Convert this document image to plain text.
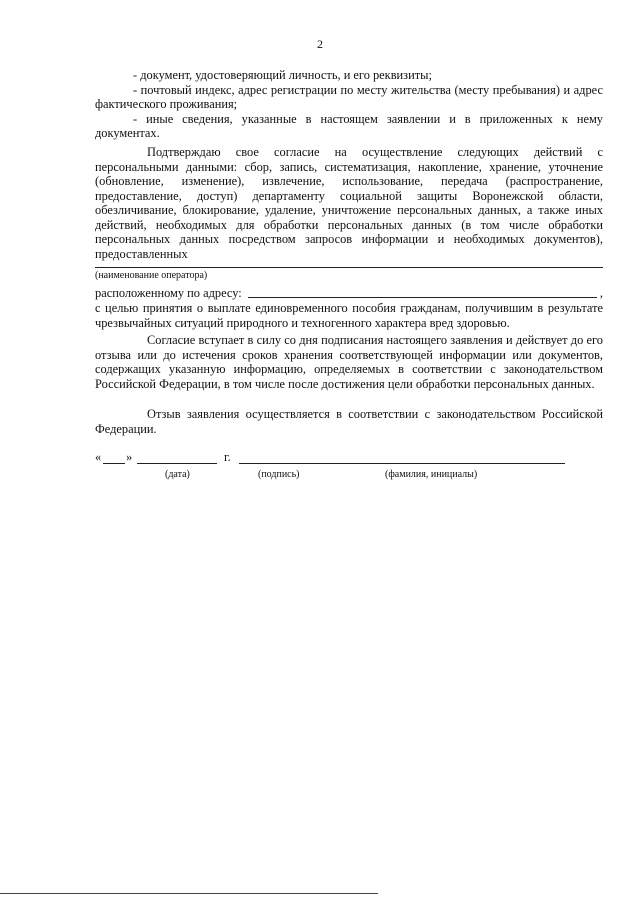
2

- документ, удостоверяющий личность, и его реквизиты;

- почтовый индекс, адрес регистрации по месту жительства (месту пребывания) и адрес фактического проживания;

- иные сведения, указанные в настоящем заявлении и в приложенных к нему документах.

Подтверждаю свое согласие на осуществление следующих действий с персональными данными: сбор, запись, систематизация, накопление, хранение, уточнение (обновление, изменение), извлечение, использование, передача (распространение, предоставление, доступ) департаменту социальной защиты Воронежской области, обезличивание, блокирование, удаление, уничтожение персональных данных, а также иных действий, необходимых для обработки персональных данных (в том числе обработки персональных данных посредством запросов информации и необходимых документов), предоставленных

(наименование оператора)
расположенному по адресу:	,

с целью принятия о выплате единовременного пособия гражданам, получившим в результате чрезвычайных ситуаций природного и техногенного характера вред здоровью.

Согласие вступает в силу со дня подписания настоящего заявления и действует до его отзыва или до истечения сроков хранения соответствующей информации или документов, содержащих указанную информацию, определяемых в соответствии с законодательством Российской Федерации, в том числе после достижения цели обработки персональных данных.

Отзыв заявления осуществляется в соответствии с законодательством Российской Федерации.

« »	г.
(дата)	(подпись)	(фамилия, инициалы)
